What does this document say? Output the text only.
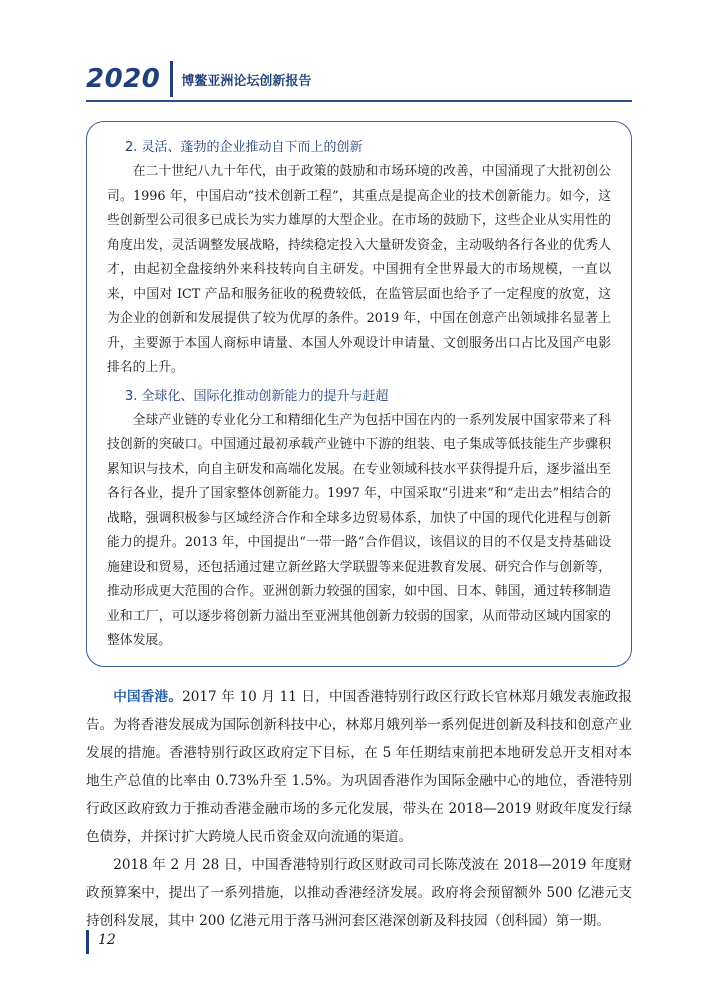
2020 博鳌亚洲论坛创新报告
2. 灵活、蓬勃的企业推动自下而上的创新

在二十世纪八九十年代，由于政策的鼓励和市场环境的改善，中国涌现了大批初创公司。1996 年，中国启动“技术创新工程”，其重点是提高企业的技术创新能力。如今，这些创新型公司很多已成长为实力雄厚的大型企业。在市场的鼓励下，这些企业从实用性的角度出发，灵活调整发展战略，持续稳定投入大量研发资金，主动吸纳各行各业的优秀人才，由起初全盘接纳外来科技转向自主研发。中国拥有全世界最大的市场规模，一直以来，中国对 ICT 产品和服务征收的税费较低，在监管层面也给予了一定程度的放宽，这为企业的创新和发展提供了较为优厚的条件。2019 年，中国在创意产出领域排名显著上升，主要源于本国人商标申请量、本国人外观设计申请量、文创服务出口占比及国产电影排名的上升。

3. 全球化、国际化推动创新能力的提升与赶超

全球产业链的专业化分工和精细化生产为包括中国在内的一系列发展中国家带来了科技创新的突破口。中国通过最初承载产业链中下游的组装、电子集成等低技能生产步骤积累知识与技术，向自主研发和高端化发展。在专业领域科技水平获得提升后，逐步溢出至各行各业，提升了国家整体创新能力。1997 年，中国采取“引进来”和“走出去”相结合的战略，强调积极参与区域经济合作和全球多边贸易体系，加快了中国的现代化进程与创新能力的提升。2013 年，中国提出“一带一路”合作倡议，该倡议的目的不仅是支持基础设施建设和贸易，还包括通过建立新丝路大学联盟等来促进教育发展、研究合作与创新等，推动形成更大范围的合作。亚洲创新力较强的国家，如中国、日本、韩国，通过转移制造业和工厂，可以逐步将创新力溢出至亚洲其他创新力较弱的国家，从而带动区域内国家的整体发展。

中国香港。2017 年 10 月 11 日，中国香港特别行政区行政长官林郑月娥发表施政报告。为将香港发展成为国际创新科技中心，林郑月娥列举一系列促进创新及科技和创意产业发展的措施。香港特别行政区政府定下目标，在 5 年任期结束前把本地研发总开支相对本地生产总值的比率由 0.73%升至 1.5%。为巩固香港作为国际金融中心的地位，香港特别行政区政府致力于推动香港金融市场的多元化发展，带头在 2018—2019 财政年度发行绿色债券，并探讨扩大跨境人民币资金双向流通的渠道。

2018 年 2 月 28 日，中国香港特别行政区财政司司长陈茂波在 2018—2019 年度财政预算案中，提出了一系列措施，以推动香港经济发展。政府将会预留额外 500 亿港元支持创科发展，其中 200 亿港元用于落马洲河套区港深创新及科技园（创科园）第一期。

12
